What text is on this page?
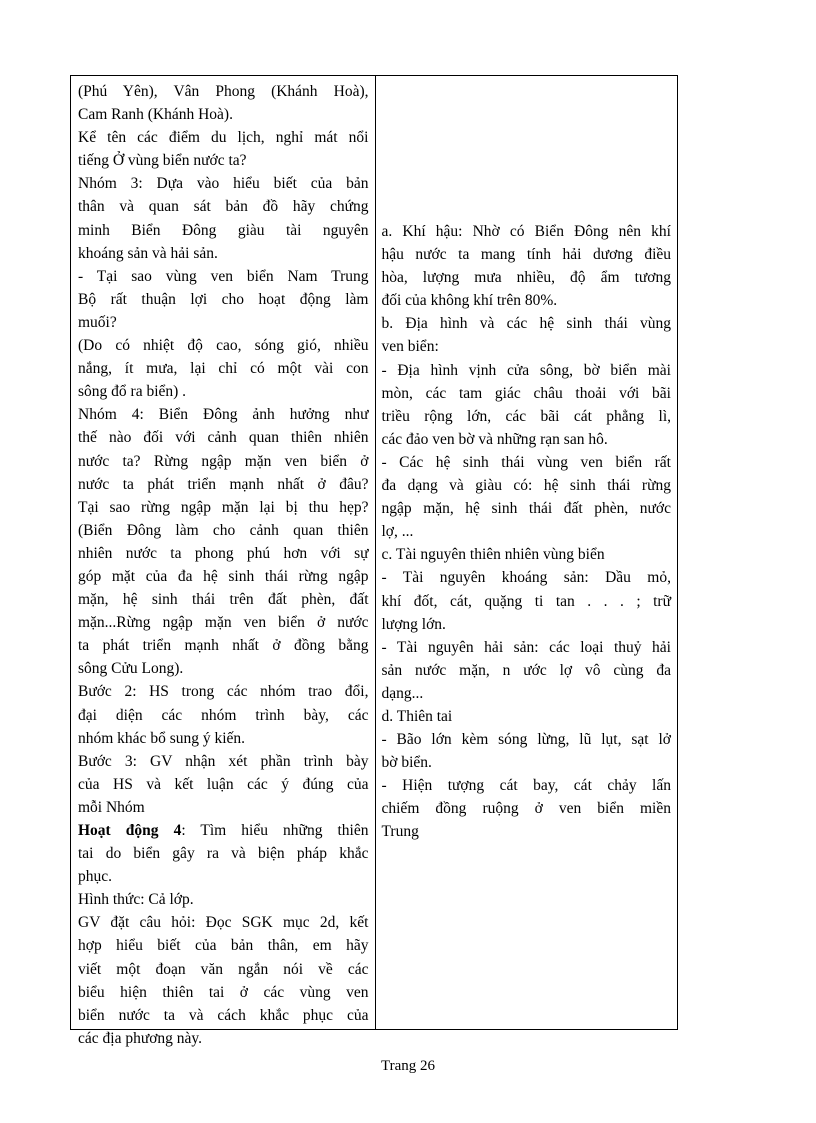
(Phú Yên), Vân Phong (Khánh Hoà),
Cam Ranh (Khánh Hoà).
Kể tên các điểm du lịch, nghỉ mát nổi
tiếng Ở vùng biển nước ta?
Nhóm 3: Dựa vào hiểu biết của bản
thân và quan sát bản đồ hãy chứng
minh Biển Đông giàu tài nguyên
khoáng sản và hải sản.
- Tại sao vùng ven biển Nam Trung
Bộ rất thuận lợi cho hoạt động làm
muối?
(Do có nhiệt độ cao, sóng gió, nhiều
nắng, ít mưa, lại chỉ có một vài con
sông đổ ra biển) .
Nhóm 4: Biển Đông ảnh hưởng như
thế nào đối với cảnh quan thiên nhiên
nước ta? Rừng ngập mặn ven biển ở
nước ta phát triển mạnh nhất ở đâu?
Tại sao rừng ngập mặn lại bị thu hẹp?
(Biển Đông làm cho cảnh quan thiên
nhiên nước ta phong phú hơn với sự
góp mặt của đa hệ sinh thái rừng ngập
mặn, hệ sinh thái trên đất phèn, đất
mặn...Rừng ngập mặn ven biển ở nước
ta phát triển mạnh nhất ở đồng bằng
sông Cửu Long).
Bước 2: HS trong các nhóm trao đổi,
đại diện các nhóm trình bày, các
nhóm khác bổ sung ý kiến.
Bước 3: GV nhận xét phần trình bày
của HS và kết luận các ý đúng của
mỗi Nhóm
Hoạt động 4: Tìm hiểu những thiên
tai do biển gây ra và biện pháp khắc
phục.
Hình thức: Cả lớp.
GV đặt câu hỏi: Đọc SGK mục 2d, kết
hợp hiểu biết của bản thân, em hãy
viết một đoạn văn ngắn nói về các
biểu hiện thiên tai ở các vùng ven
biển nước ta và cách khắc phục của
các địa phương này.
a. Khí hậu: Nhờ có Biển Đông nên khí
hậu nước ta mang tính hải dương điều
hòa, lượng mưa nhiều, độ ẩm tương
đối của không khí trên 80%.
b. Địa hình và các hệ sinh thái vùng
ven biển:
- Địa hình vịnh cửa sông, bờ biển mài
mòn, các tam giác châu thoải với bãi
triều rộng lớn, các bãi cát phẳng lì,
các đảo ven bờ và những rạn san hô.
- Các hệ sinh thái vùng ven biển rất
đa dạng và giàu có: hệ sinh thái rừng
ngập mặn, hệ sinh thái đất phèn, nước
lợ, ...
c. Tài nguyên thiên nhiên vùng biển
- Tài nguyên khoáng sản: Dầu mỏ,
khí đốt, cát, quặng ti tan . . . ; trữ
lượng lớn.
- Tài nguyên hải sản: các loại thuỷ hải
sản nước mặn, n ước lợ vô cùng đa
dạng...
d. Thiên tai
- Bão lớn kèm sóng lừng, lũ lụt, sạt lở
bờ biển.
- Hiện tượng cát bay, cát chảy lấn
chiếm đồng ruộng ở ven biển miền
Trung
Trang 26
